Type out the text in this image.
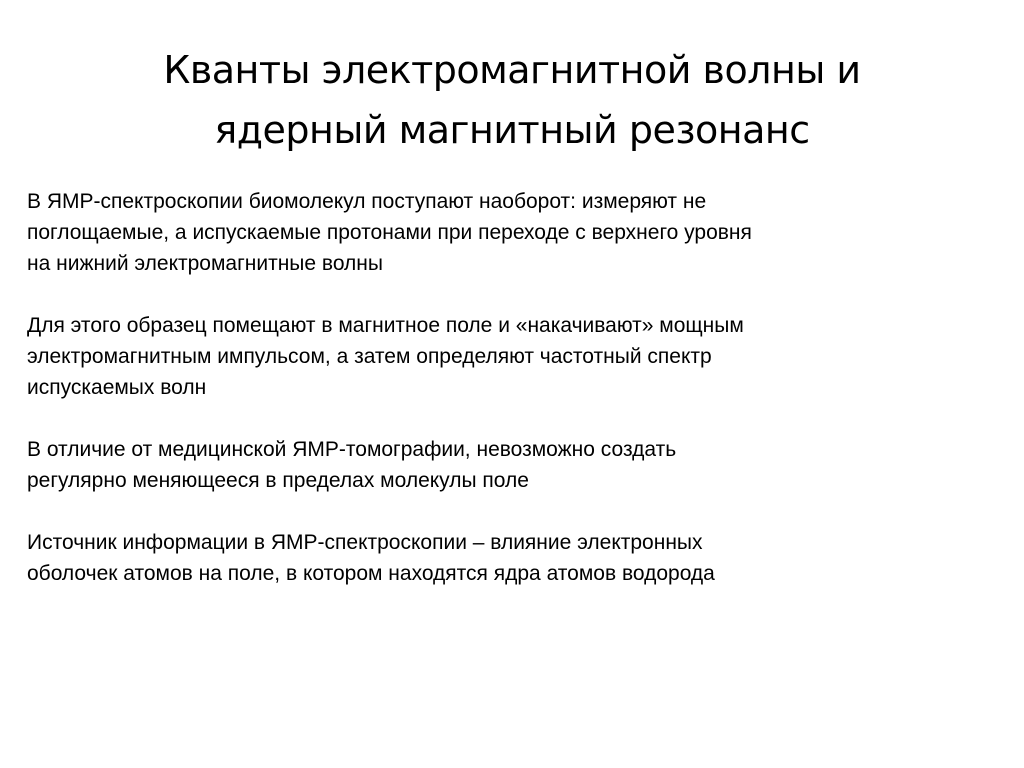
Кванты электромагнитной волны и
ядерный магнитный резонанс

В ЯМР-спектроскопии биомолекул поступают наоборот: измеряют не
поглощаемые, а испускаемые протонами при переходе с верхнего уровня
на нижний электромагнитные волны

Для этого образец помещают в магнитное поле и «накачивают» мощным
электромагнитным импульсом, а затем определяют частотный спектр
испускаемых волн

В отличие от медицинской ЯМР-томографии, невозможно создать
регулярно меняющееся в пределах молекулы поле

Источник информации в ЯМР-спектроскопии – влияние электронных
оболочек атомов на поле, в котором находятся ядра атомов водорода
